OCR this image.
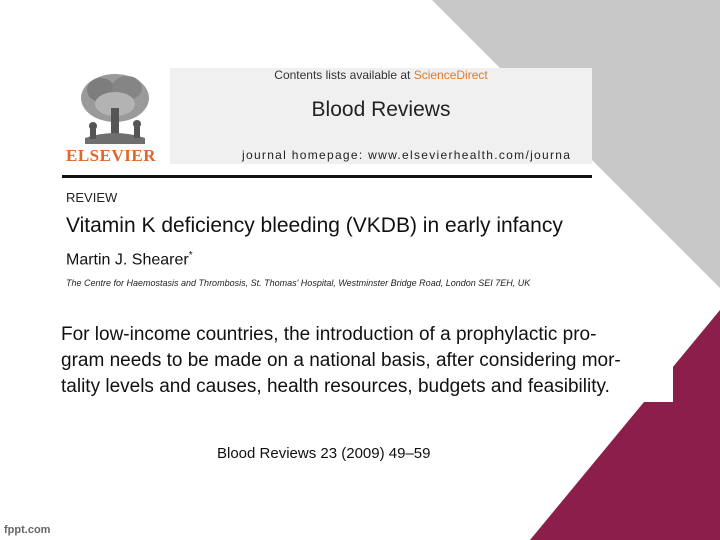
ELSEVIER
Contents lists available at ScienceDirect
Blood Reviews
journal homepage: www.elsevierhealth.com/journa
REVIEW
Vitamin K deficiency bleeding (VKDB) in early infancy
Martin J. Shearer*
The Centre for Haemostasis and Thrombosis, St. Thomas' Hospital, Westminster Bridge Road, London SEI 7EH, UK
For low-income countries, the introduction of a prophylactic pro-
gram needs to be made on a national basis, after considering mor-
tality levels and causes, health resources, budgets and feasibility.
Blood Reviews 23 (2009) 49–59
fppt.com
